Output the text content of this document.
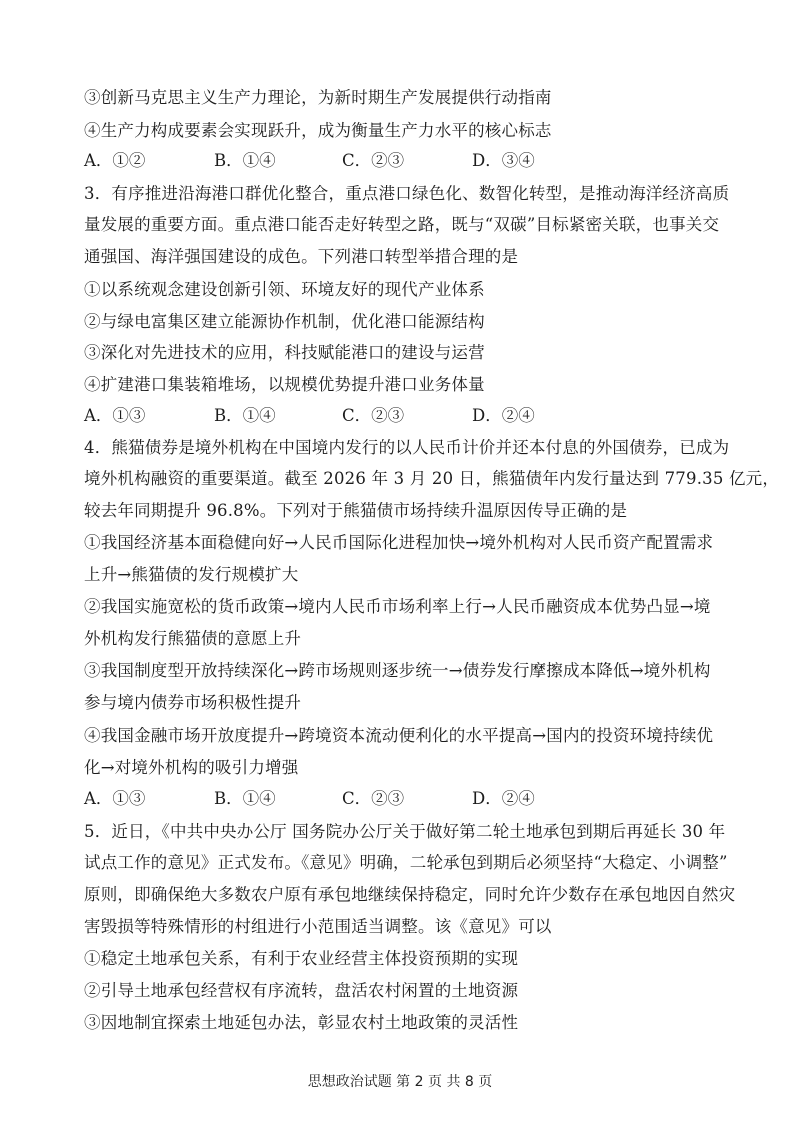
③创新马克思主义生产力理论，为新时期生产发展提供行动指南
④生产力构成要素会实现跃升，成为衡量生产力水平的核心标志
A．①②	B．①④	C．②③	D．③④
3．有序推进沿海港口群优化整合，重点港口绿色化、数智化转型，是推动海洋经济高质
量发展的重要方面。重点港口能否走好转型之路，既与“双碳”目标紧密关联，也事关交
通强国、海洋强国建设的成色。下列港口转型举措合理的是
①以系统观念建设创新引领、环境友好的现代产业体系
②与绿电富集区建立能源协作机制，优化港口能源结构
③深化对先进技术的应用，科技赋能港口的建设与运营
④扩建港口集装箱堆场，以规模优势提升港口业务体量
A．①③	B．①④	C．②③	D．②④
4．熊猫债券是境外机构在中国境内发行的以人民币计价并还本付息的外国债券，已成为
境外机构融资的重要渠道。截至 2026 年 3 月 20 日，熊猫债年内发行量达到 779.35 亿元，
较去年同期提升 96.8%。下列对于熊猫债市场持续升温原因传导正确的是
①我国经济基本面稳健向好→人民币国际化进程加快→境外机构对人民币资产配置需求
上升→熊猫债的发行规模扩大
②我国实施宽松的货币政策→境内人民币市场利率上行→人民币融资成本优势凸显→境
外机构发行熊猫债的意愿上升
③我国制度型开放持续深化→跨市场规则逐步统一→债券发行摩擦成本降低→境外机构
参与境内债券市场积极性提升
④我国金融市场开放度提升→跨境资本流动便利化的水平提高→国内的投资环境持续优
化→对境外机构的吸引力增强
A．①③	B．①④	C．②③	D．②④
5．近日，《中共中央办公厅 国务院办公厅关于做好第二轮土地承包到期后再延长 30 年
试点工作的意见》正式发布。《意见》明确，二轮承包到期后必须坚持“大稳定、小调整”
原则，即确保绝大多数农户原有承包地继续保持稳定，同时允许少数存在承包地因自然灾
害毁损等特殊情形的村组进行小范围适当调整。该《意见》可以
①稳定土地承包关系，有利于农业经营主体投资预期的实现
②引导土地承包经营权有序流转，盘活农村闲置的土地资源
③因地制宜探索土地延包办法，彰显农村土地政策的灵活性
思想政治试题 第 2 页 共 8 页
